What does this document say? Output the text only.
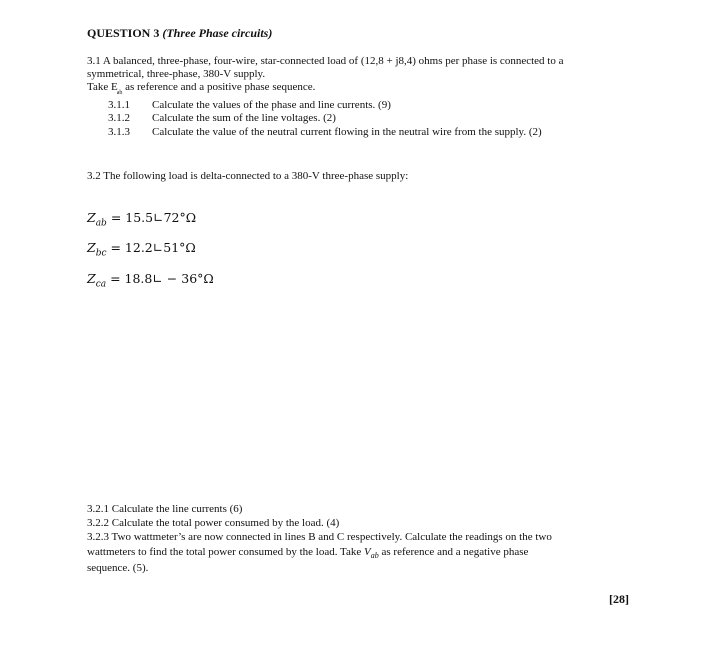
QUESTION 3 (Three Phase circuits)
3.1 A balanced, three-phase, four-wire, star-connected load of (12,8 + j8,4) ohms per phase is connected to a
symmetrical, three-phase, 380-V supply.
Take $E_{ab}$ as reference and a positive phase sequence.
3.1.1 Calculate the values of the phase and line currents. (9)
3.1.2 Calculate the sum of the line voltages. (2)
3.1.3 Calculate the value of the neutral current flowing in the neutral wire from the supply. (2)
3.2 The following load is delta-connected to a 380-V three-phase supply:
$Z_{ab}$ = 15.5∟72°Ω
$Z_{bc}$ = 12.2∟51°Ω
$Z_{ca}$ = 18.8∟ − 36°Ω
3.2.1 Calculate the line currents (6)
3.2.2 Calculate the total power consumed by the load. (4)
3.2.3 Two wattmeter’s are now connected in lines B and C respectively. Calculate the readings on the two
wattmeters to find the total power consumed by the load. Take $V_{ab}$ as reference and a negative phase
sequence. (5).
[28]
